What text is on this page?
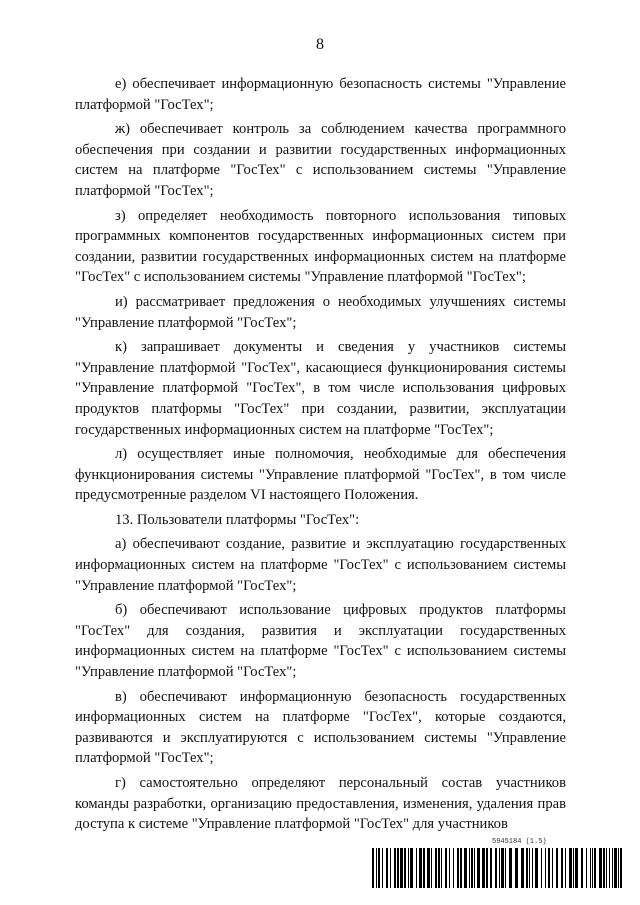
8

е) обеспечивает информационную безопасность системы "Управление платформой "ГосТех";

ж) обеспечивает контроль за соблюдением качества программного обеспечения при создании и развитии государственных информационных систем на платформе "ГосТех" с использованием системы "Управление платформой "ГосТех";

з) определяет необходимость повторного использования типовых программных компонентов государственных информационных систем при создании, развитии государственных информационных систем на платформе "ГосТех" с использованием системы "Управление платформой "ГосТех";

и) рассматривает предложения о необходимых улучшениях системы "Управление платформой "ГосТех";

к) запрашивает документы и сведения у участников системы "Управление платформой "ГосТех", касающиеся функционирования системы "Управление платформой "ГосТех", в том числе использования цифровых продуктов платформы "ГосТех" при создании, развитии, эксплуатации государственных информационных систем на платформе "ГосТех";

л) осуществляет иные полномочия, необходимые для обеспечения функционирования системы "Управление платформой "ГосТех", в том числе предусмотренные разделом VI настоящего Положения.

13. Пользователи платформы "ГосТех":

а) обеспечивают создание, развитие и эксплуатацию государственных информационных систем на платформе "ГосТех" с использованием системы "Управление платформой "ГосТех";

б) обеспечивают использование цифровых продуктов платформы "ГосТех" для создания, развития и эксплуатации государственных информационных систем на платформе "ГосТех" с использованием системы "Управление платформой "ГосТех";

в) обеспечивают информационную безопасность государственных информационных систем на платформе "ГосТех", которые создаются, развиваются и эксплуатируются с использованием системы "Управление платформой "ГосТех";

г) самостоятельно определяют персональный состав участников команды разработки, организацию предоставления, изменения, удаления прав доступа к системе "Управление платформой "ГосТех" для участников

5945184 (1.5)
